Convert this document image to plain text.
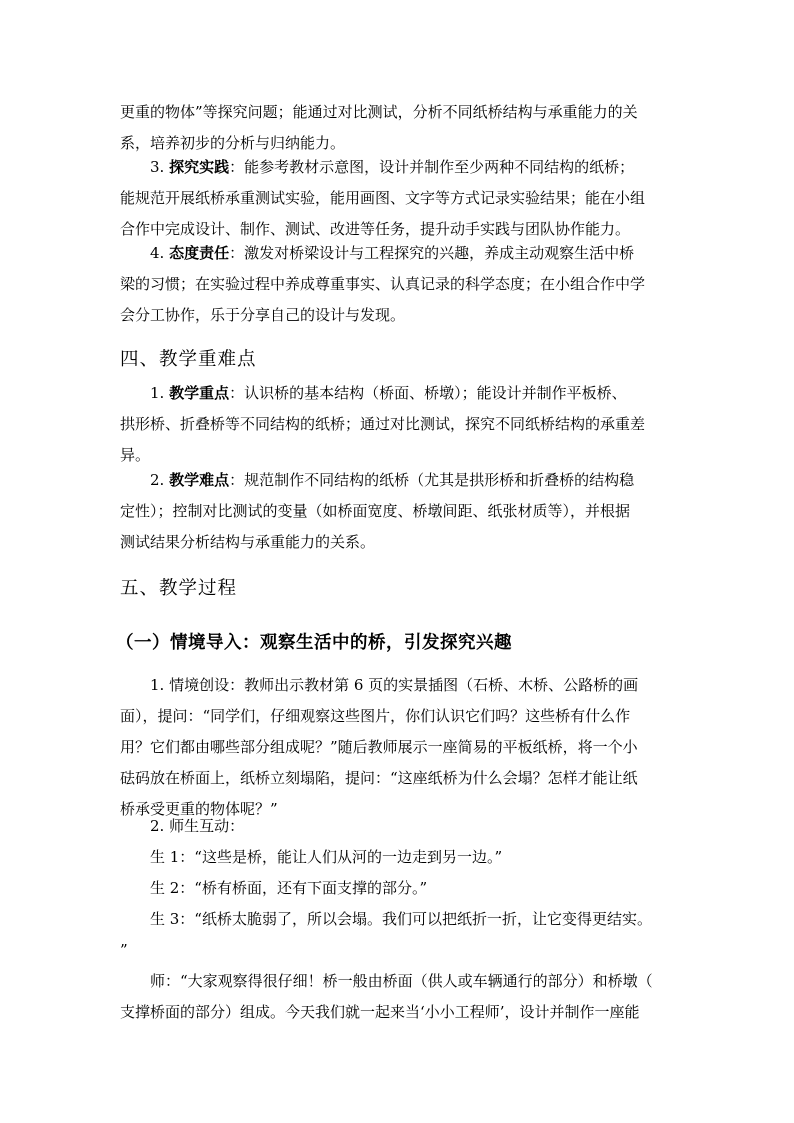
更重的物体”等探究问题；能通过对比测试，分析不同纸桥结构与承重能力的关
系，培养初步的分析与归纳能力。
3. 探究实践：能参考教材示意图，设计并制作至少两种不同结构的纸桥；
能规范开展纸桥承重测试实验，能用画图、文字等方式记录实验结果；能在小组
合作中完成设计、制作、测试、改进等任务，提升动手实践与团队协作能力。
4. 态度责任：激发对桥梁设计与工程探究的兴趣，养成主动观察生活中桥
梁的习惯；在实验过程中养成尊重事实、认真记录的科学态度；在小组合作中学
会分工协作，乐于分享自己的设计与发现。
四、教学重难点
1. 教学重点：认识桥的基本结构（桥面、桥墩）；能设计并制作平板桥、
拱形桥、折叠桥等不同结构的纸桥；通过对比测试，探究不同纸桥结构的承重差
异。
2. 教学难点：规范制作不同结构的纸桥（尤其是拱形桥和折叠桥的结构稳
定性）；控制对比测试的变量（如桥面宽度、桥墩间距、纸张材质等），并根据
测试结果分析结构与承重能力的关系。
五、教学过程
（一）情境导入：观察生活中的桥，引发探究兴趣
1. 情境创设：教师出示教材第 6 页的实景插图（石桥、木桥、公路桥的画
面），提问：“同学们，仔细观察这些图片，你们认识它们吗？这些桥有什么作
用？它们都由哪些部分组成呢？”随后教师展示一座简易的平板纸桥，将一个小
砝码放在桥面上，纸桥立刻塌陷，提问：“这座纸桥为什么会塌？怎样才能让纸
桥承受更重的物体呢？”
2. 师生互动：
生 1：“这些是桥，能让人们从河的一边走到另一边。”
生 2：“桥有桥面，还有下面支撑的部分。”
生 3：“纸桥太脆弱了，所以会塌。我们可以把纸折一折，让它变得更结实。
”
师：“大家观察得很仔细！桥一般由桥面（供人或车辆通行的部分）和桥墩（
支撑桥面的部分）组成。今天我们就一起来当‘小小工程师’，设计并制作一座能
